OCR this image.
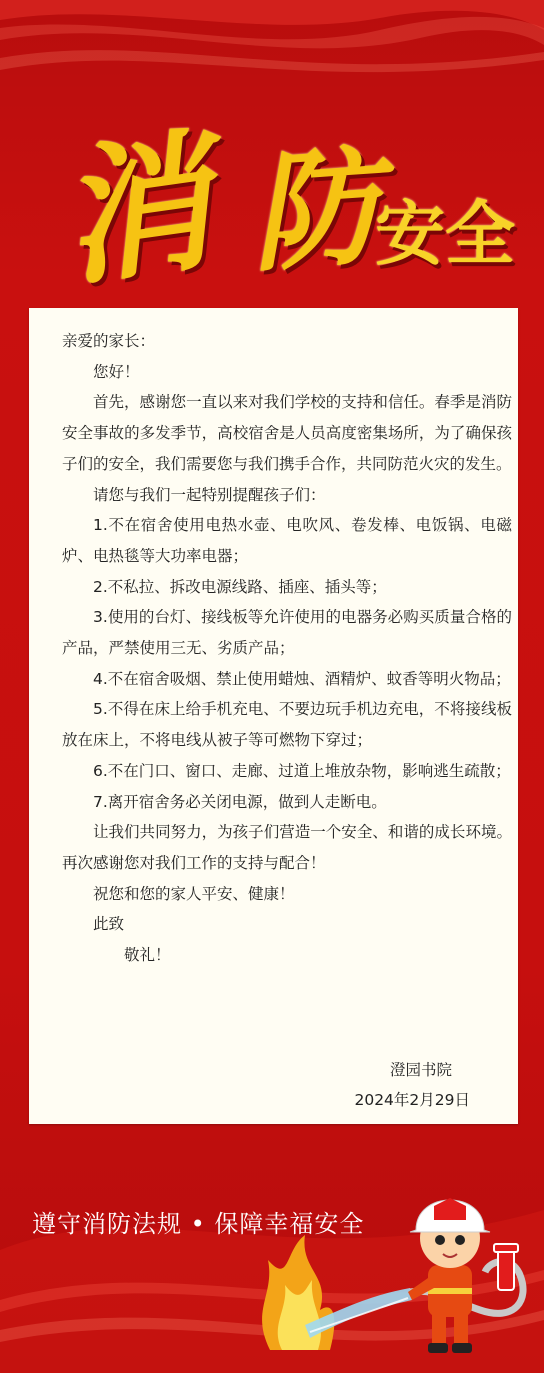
消 防
安全

亲爱的家长：

您好！

首先，感谢您一直以来对我们学校的支持和信任。春季是消防安全事故的多发季节，高校宿舍是人员高度密集场所，为了确保孩子们的安全，我们需要您与我们携手合作，共同防范火灾的发生。

请您与我们一起特别提醒孩子们：

1.不在宿舍使用电热水壶、电吹风、卷发棒、电饭锅、电磁炉、电热毯等大功率电器；

2.不私拉、拆改电源线路、插座、插头等；

3.使用的台灯、接线板等允许使用的电器务必购买质量合格的产品，严禁使用三无、劣质产品；

4.不在宿舍吸烟、禁止使用蜡烛、酒精炉、蚊香等明火物品；

5.不得在床上给手机充电、不要边玩手机边充电，不将接线板放在床上，不将电线从被子等可燃物下穿过；

6.不在门口、窗口、走廊、过道上堆放杂物，影响逃生疏散；

7.离开宿舍务必关闭电源，做到人走断电。

让我们共同努力，为孩子们营造一个安全、和谐的成长环境。再次感谢您对我们工作的支持与配合！

祝您和您的家人平安、健康！

此致

敬礼！

澄园书院
2024年2月29日
遵守消防法规 • 保障幸福安全
